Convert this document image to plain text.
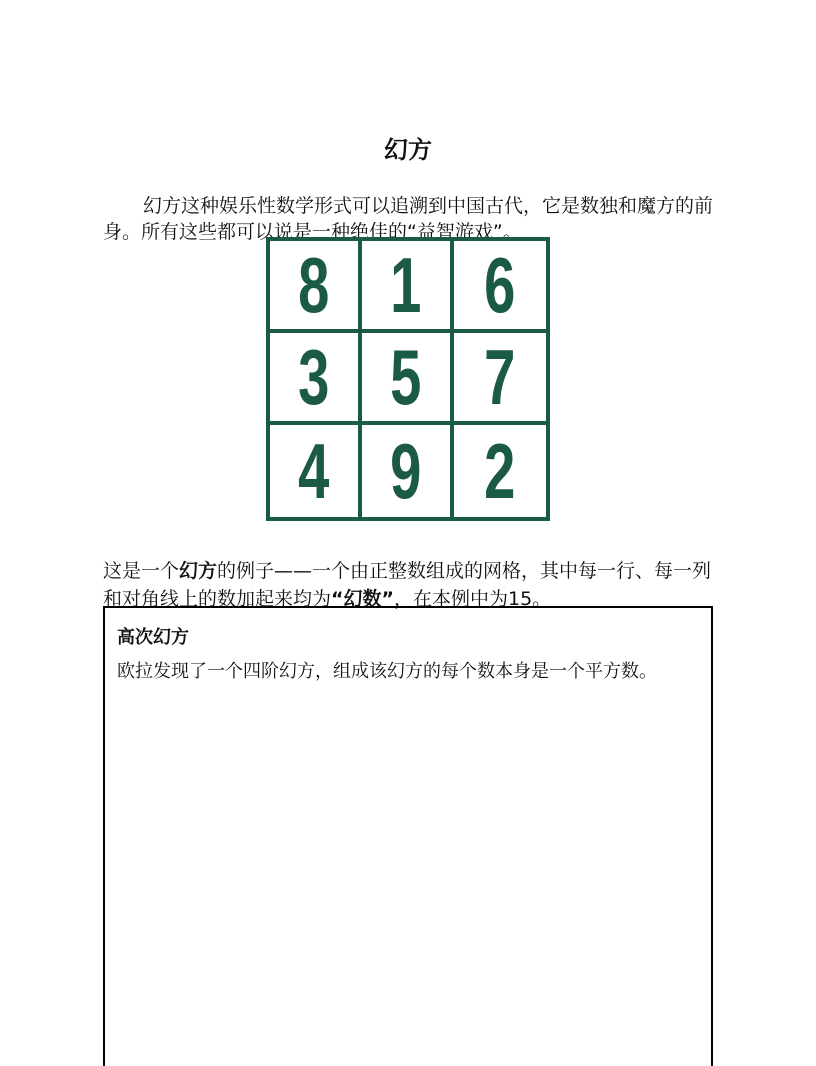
幻方

幻方这种娱乐性数学形式可以追溯到中国古代，它是数独和魔方的前身。所有这些都可以说是一种绝佳的“益智游戏”。

8 1 6
3 5 7
4 9 2

这是一个幻方的例子——一个由正整数组成的网格，其中每一行、每一列和对角线上的数加起来均为“幻数”，在本例中为15。

高次幻方
欧拉发现了一个四阶幻方，组成该幻方的每个数本身是一个平方数。
